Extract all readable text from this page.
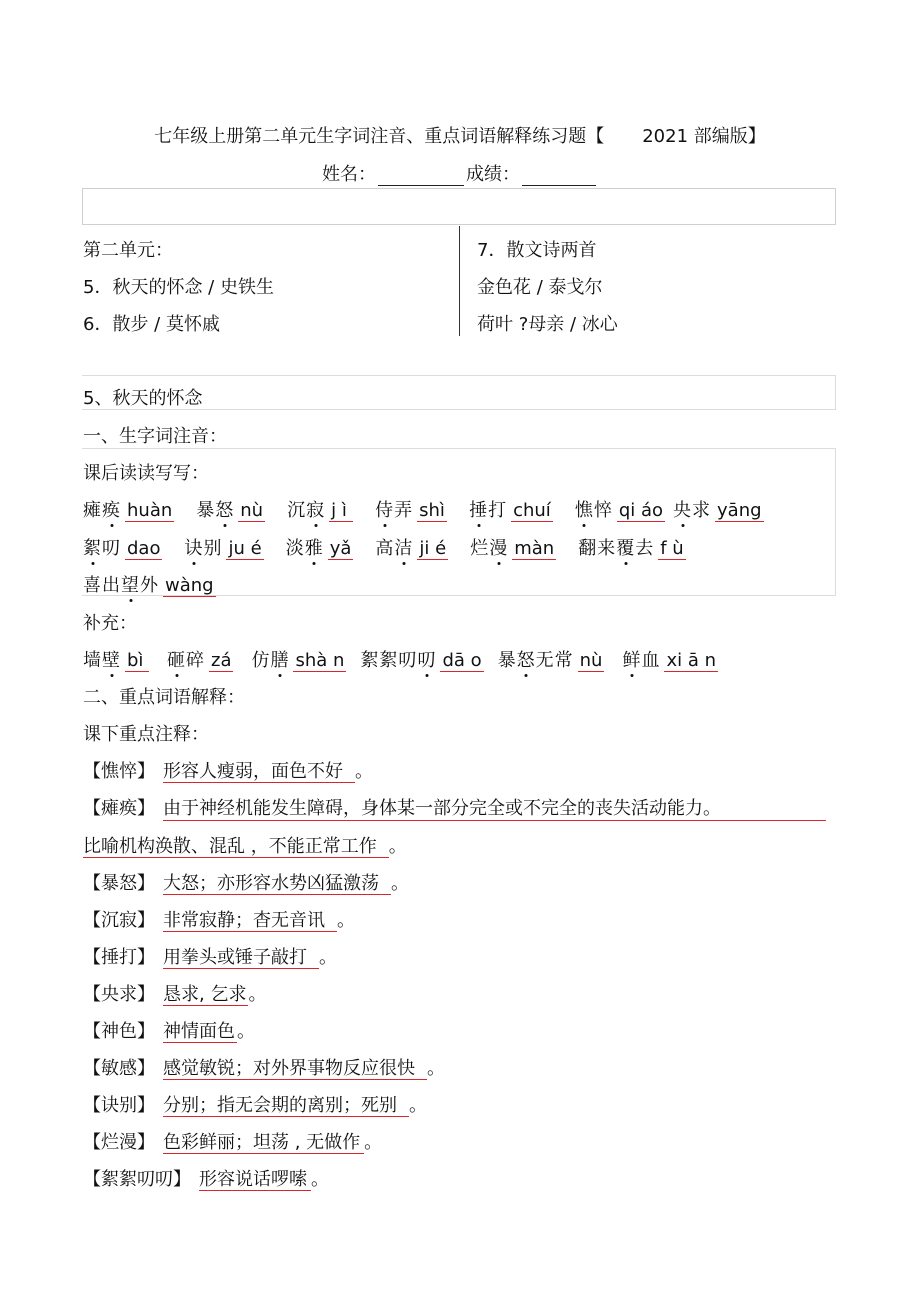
七年级上册第二单元生字词注音、重点词语解释练习题【 2021 部编版】
姓名：	成绩：
第二单元：
5．秋天的怀念 / 史铁生
6．散步 / 莫怀戚
7．散文诗两首
金色花 / 泰戈尔
荷叶 ?母亲 / 冰心
5、秋天的怀念
一、生字词注音：
课后读读写写：
瘫痪 huàn 暴怒 nù 沉寂 j ì	侍弄 shì 捶打 chuí 憔悴 qi áo 央求 yāng
絮叨 dao 诀别 ju é 淡雅 yǎ 高洁 ji é 烂漫 màn 翻来覆去 f ù
喜出望外 wàng
补充：
墙壁 bì	砸碎 zá 仿膳 shà n 絮絮叨叨 dā o 暴怒无常 nù 鲜血 xi ā n
二、重点词语解释：
课下重点注释：
【憔悴】 形容人瘦弱，面色不好 。
【瘫痪】 由于神经机能发生障碍，身体某一部分完全或不完全的丧失活动能力。
比喻机构涣散、混乱 ，不能正常工作 。
【暴怒】 大怒；亦形容水势凶猛激荡 。
【沉寂】 非常寂静；杳无音讯 。
【捶打】 用拳头或锤子敲打 。
【央求】 恳求, 乞求 。
【神色】 神情面色 。
【敏感】 感觉敏锐；对外界事物反应很快 。
【诀别】 分别；指无会期的离别；死别 。
【烂漫】 色彩鲜丽；坦荡 , 无做作 。
【絮絮叨叨】 形容说话啰嗦 。
